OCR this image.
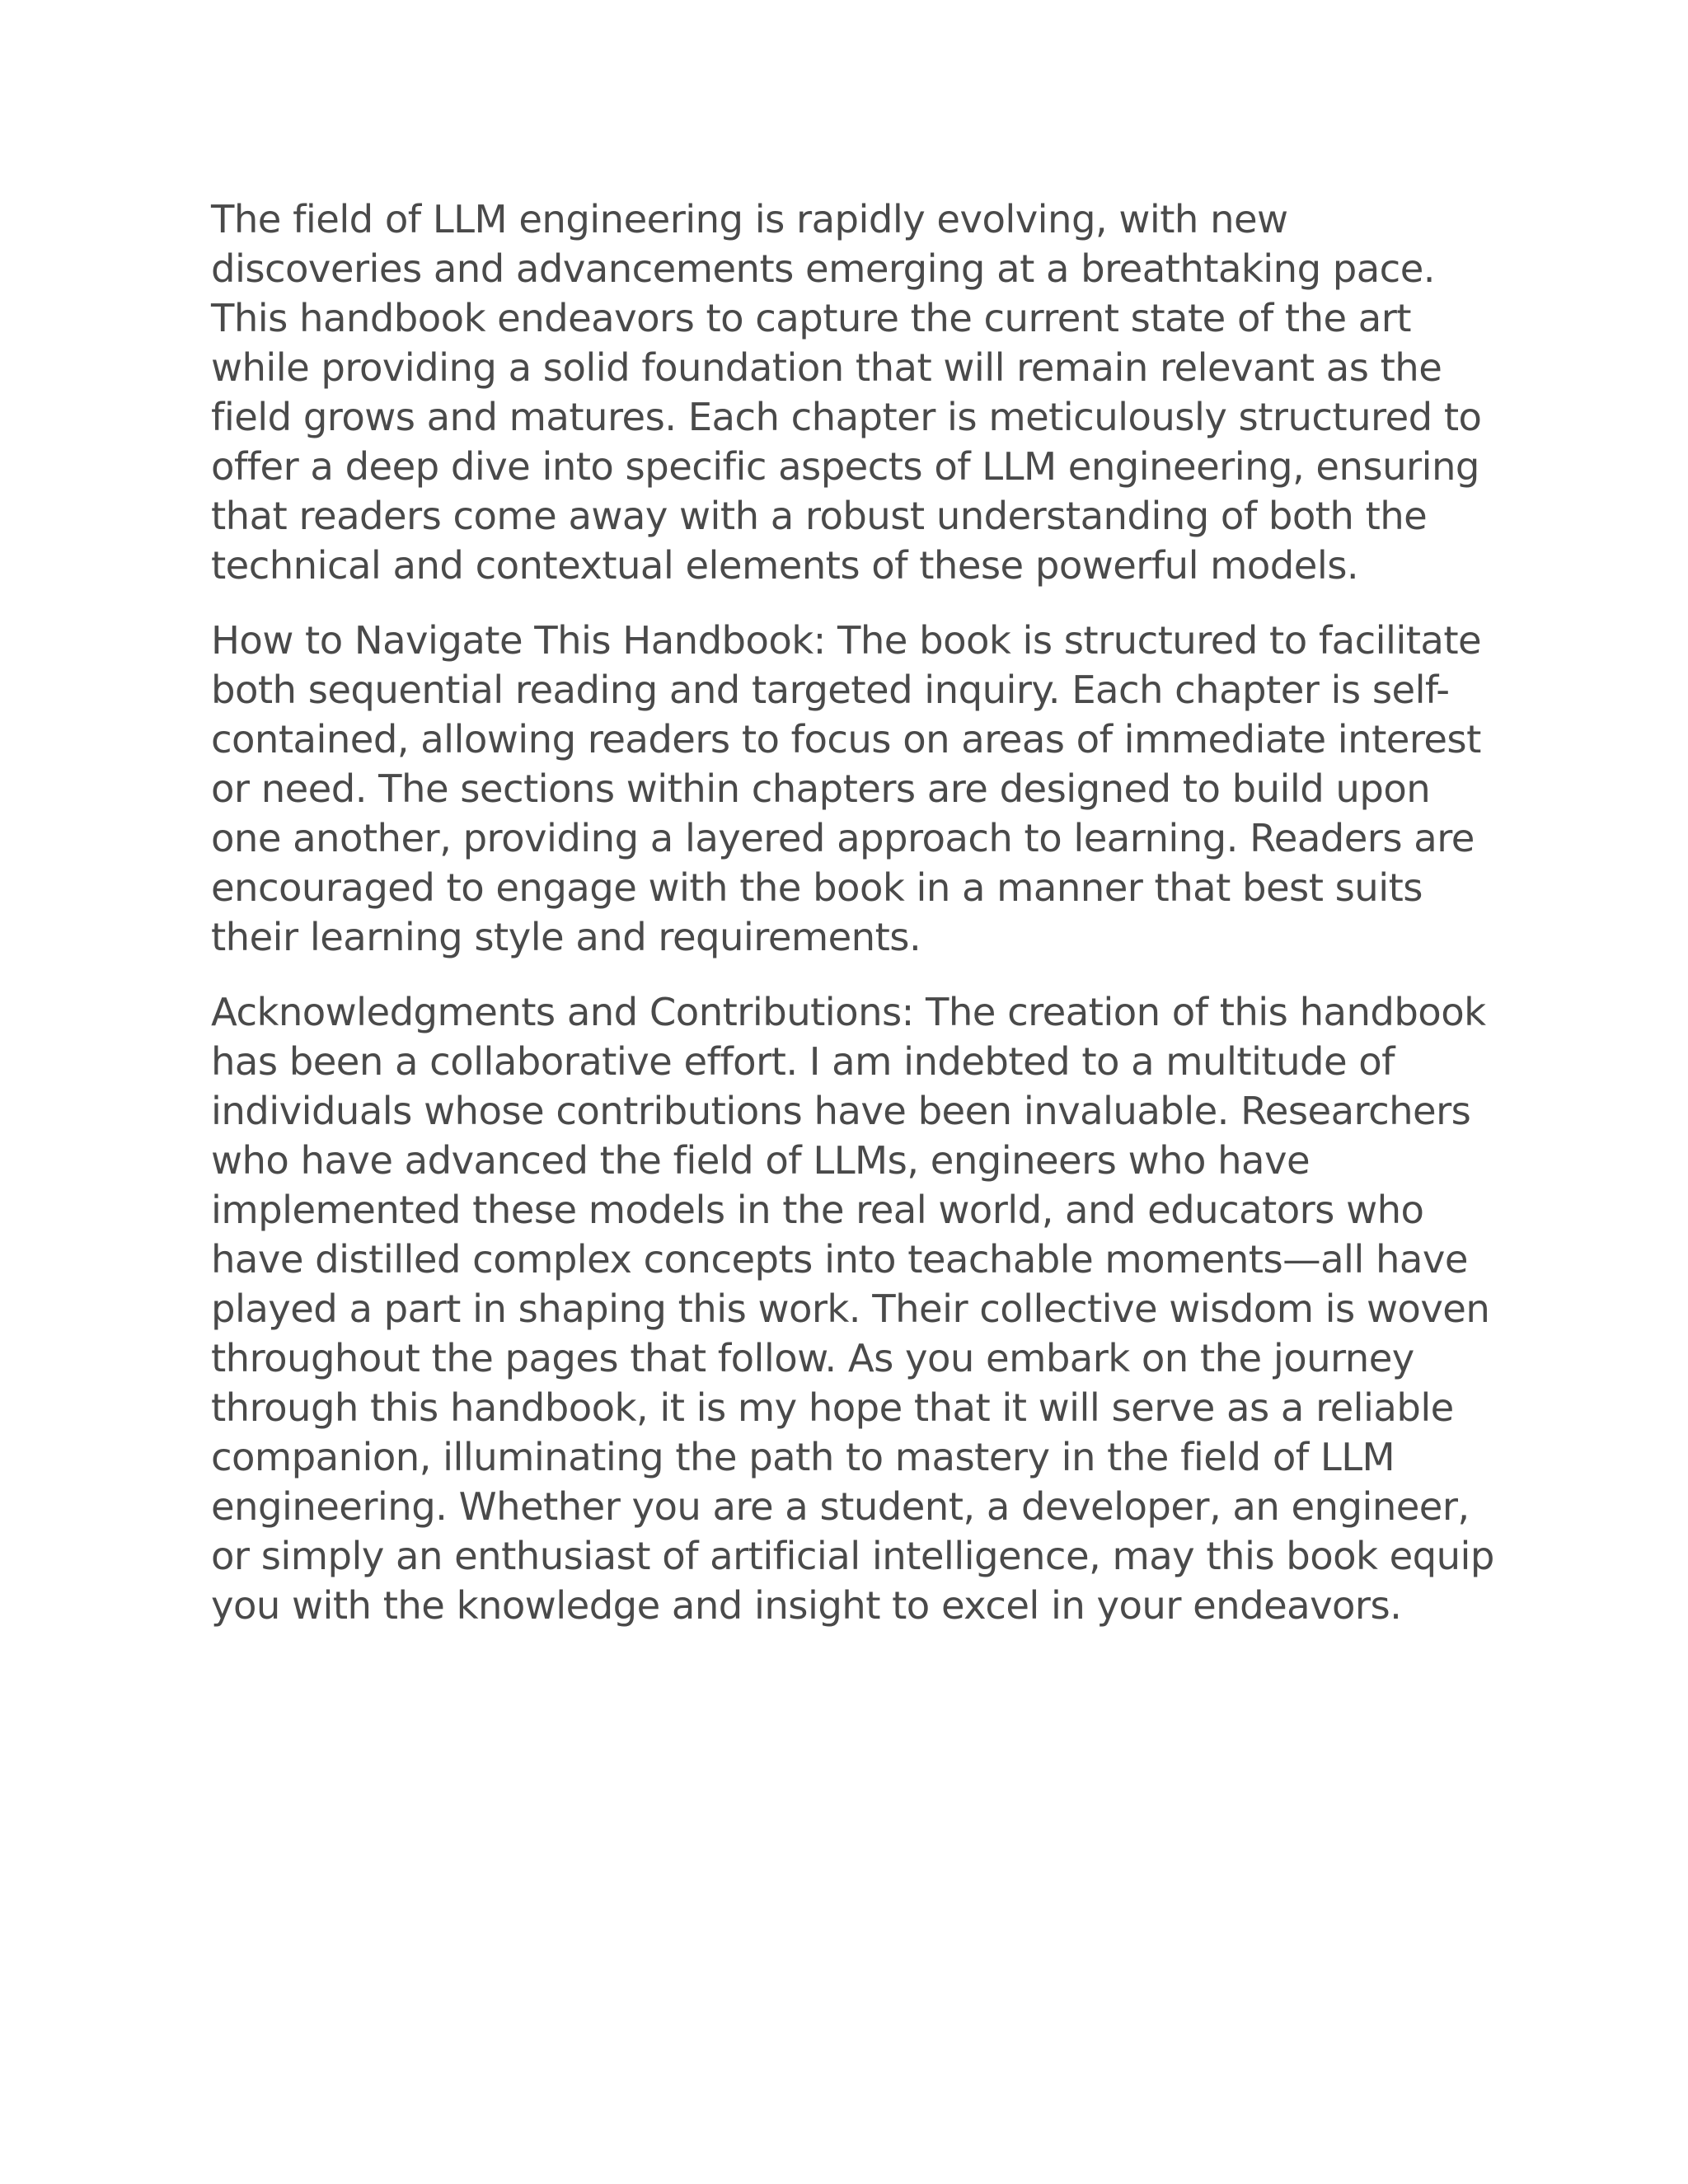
The field of LLM engineering is rapidly evolving, with new discoveries and advancements emerging at a breathtaking pace. This handbook endeavors to capture the current state of the art while providing a solid foundation that will remain relevant as the field grows and matures. Each chapter is meticulously structured to offer a deep dive into specific aspects of LLM engineering, ensuring that readers come away with a robust understanding of both the technical and contextual elements of these powerful models.

How to Navigate This Handbook: The book is structured to facilitate both sequential reading and targeted inquiry. Each chapter is self-contained, allowing readers to focus on areas of immediate interest or need. The sections within chapters are designed to build upon one another, providing a layered approach to learning. Readers are encouraged to engage with the book in a manner that best suits their learning style and requirements.

Acknowledgments and Contributions: The creation of this handbook has been a collaborative effort. I am indebted to a multitude of individuals whose contributions have been invaluable. Researchers who have advanced the field of LLMs, engineers who have implemented these models in the real world, and educators who have distilled complex concepts into teachable moments—all have played a part in shaping this work. Their collective wisdom is woven throughout the pages that follow. As you embark on the journey through this handbook, it is my hope that it will serve as a reliable companion, illuminating the path to mastery in the field of LLM engineering. Whether you are a student, a developer, an engineer, or simply an enthusiast of artificial intelligence, may this book equip you with the knowledge and insight to excel in your endeavors.
